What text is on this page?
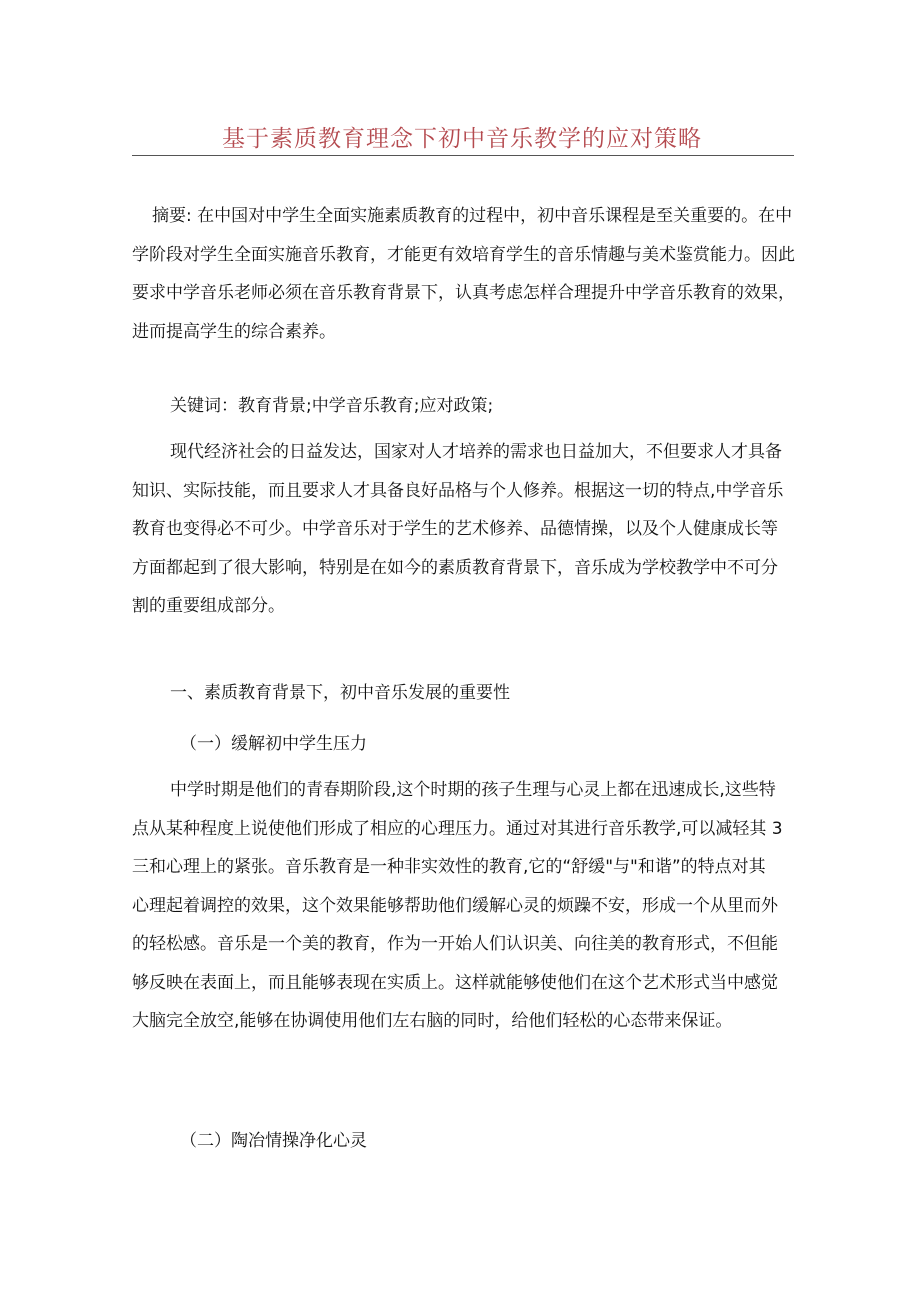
基于素质教育理念下初中音乐教学的应对策略
摘要: 在中国对中学生全面实施素质教育的过程中，初中音乐课程是至关重要的。在中
学阶段对学生全面实施音乐教育，才能更有效培育学生的音乐情趣与美术鉴赏能力。因此
要求中学音乐老师必须在音乐教育背景下，认真考虑怎样合理提升中学音乐教育的效果，
进而提高学生的综合素养。
关键词：教育背景;中学音乐教育;应对政策;
现代经济社会的日益发达，国家对人才培养的需求也日益加大，不但要求人才具备
知识、实际技能，而且要求人才具备良好品格与个人修养。根据这一切的特点,中学音乐
教育也变得必不可少。中学音乐对于学生的艺术修养、品德情操，以及个人健康成长等
方面都起到了很大影响，特别是在如今的素质教育背景下，音乐成为学校教学中不可分
割的重要组成部分。
一、素质教育背景下，初中音乐发展的重要性
（一）缓解初中学生压力
中学时期是他们的青春期阶段,这个时期的孩子生理与心灵上都在迅速成长,这些特
点从某种程度上说使他们形成了相应的心理压力。通过对其进行音乐教学,可以减轻其 3
三和心理上的紧张。音乐教育是一种非实效性的教育,它的“舒缓"与"和谐”的特点对其
心理起着调控的效果，这个效果能够帮助他们缓解心灵的烦躁不安，形成一个从里而外
的轻松感。音乐是一个美的教育，作为一开始人们认识美、向往美的教育形式，不但能
够反映在表面上，而且能够表现在实质上。这样就能够使他们在这个艺术形式当中感觉
大脑完全放空,能够在协调使用他们左右脑的同时，给他们轻松的心态带来保证。
（二）陶冶情操净化心灵
